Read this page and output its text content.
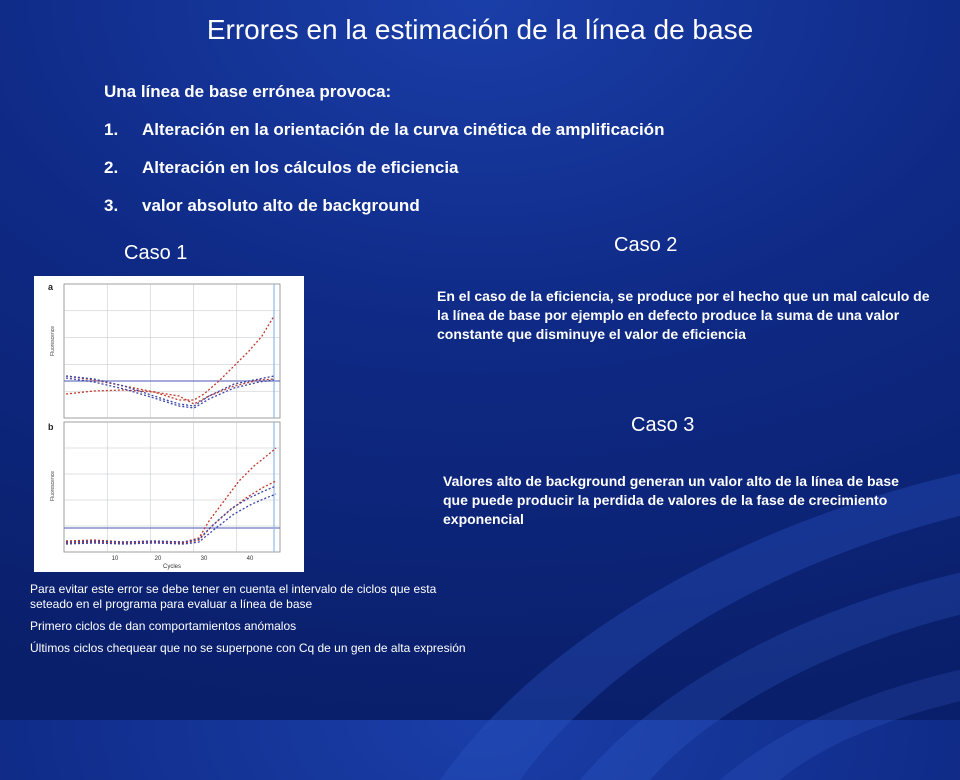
Errores en la estimación de la línea de base
Una línea de base errónea provoca:
1.	Alteración en la orientación de la curva cinética de amplificación
2.	Alteración en los cálculos de eficiencia
3.	valor absoluto alto de background
Caso 1	Caso 2
Caso 3
En el caso de la eficiencia, se produce por el hecho que un mal calculo de la línea de base por ejemplo en defecto produce la suma de una valor constante que disminuye el valor de eficiencia
Valores alto de background generan un valor alto de la línea de base que puede producir la perdida de valores de la fase de crecimiento exponencial
a
Fluorescence
b
Fluorescence
10	20	30	40
Cycles

Para evitar este error se debe tener en cuenta el intervalo de ciclos que esta seteado en el programa para evaluar a línea de base

Primero ciclos de dan comportamientos anómalos

Últimos ciclos chequear que no se superpone con Cq de un gen de alta expresión
